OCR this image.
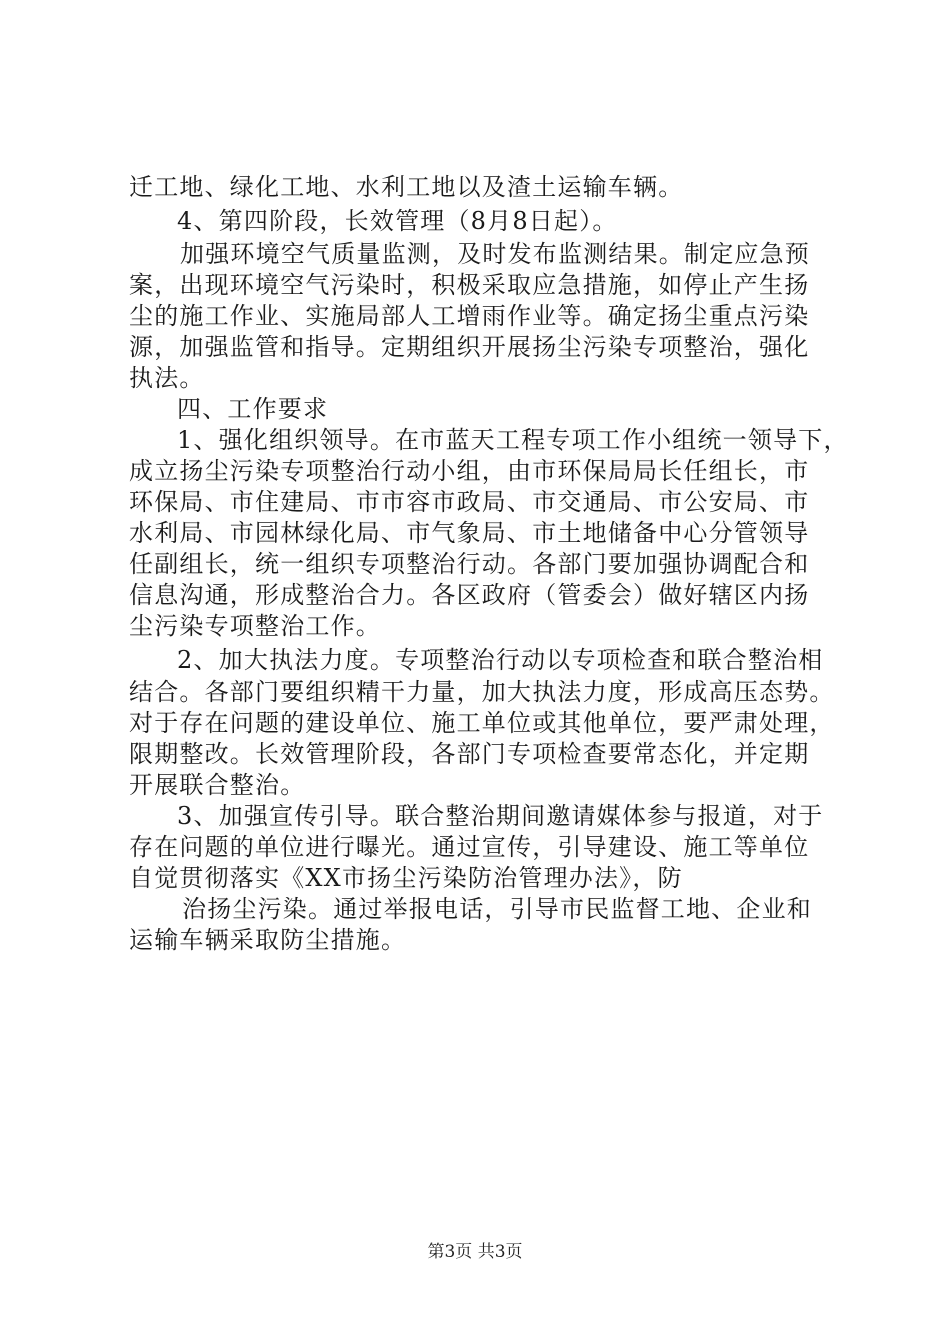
迁工地、绿化工地、水利工地以及渣土运输车辆。
4、第四阶段，长效管理（8月8日起）。
加强环境空气质量监测，及时发布监测结果。制定应急预
案，出现环境空气污染时，积极采取应急措施，如停止产生扬
尘的施工作业、实施局部人工增雨作业等。确定扬尘重点污染
源，加强监管和指导。定期组织开展扬尘污染专项整治，强化
执法。
四、工作要求
1、强化组织领导。在市蓝天工程专项工作小组统一领导下，
成立扬尘污染专项整治行动小组，由市环保局局长任组长，市
环保局、市住建局、市市容市政局、市交通局、市公安局、市
水利局、市园林绿化局、市气象局、市土地储备中心分管领导
任副组长，统一组织专项整治行动。各部门要加强协调配合和
信息沟通，形成整治合力。各区政府（管委会）做好辖区内扬
尘污染专项整治工作。
2、加大执法力度。专项整治行动以专项检查和联合整治相
结合。各部门要组织精干力量，加大执法力度，形成高压态势。
对于存在问题的建设单位、施工单位或其他单位，要严肃处理，
限期整改。长效管理阶段，各部门专项检查要常态化，并定期
开展联合整治。
3、加强宣传引导。联合整治期间邀请媒体参与报道，对于
存在问题的单位进行曝光。通过宣传，引导建设、施工等单位
自觉贯彻落实《XX市扬尘污染防治管理办法》，防
治扬尘污染。通过举报电话，引导市民监督工地、企业和
运输车辆采取防尘措施。
第3页 共3页
